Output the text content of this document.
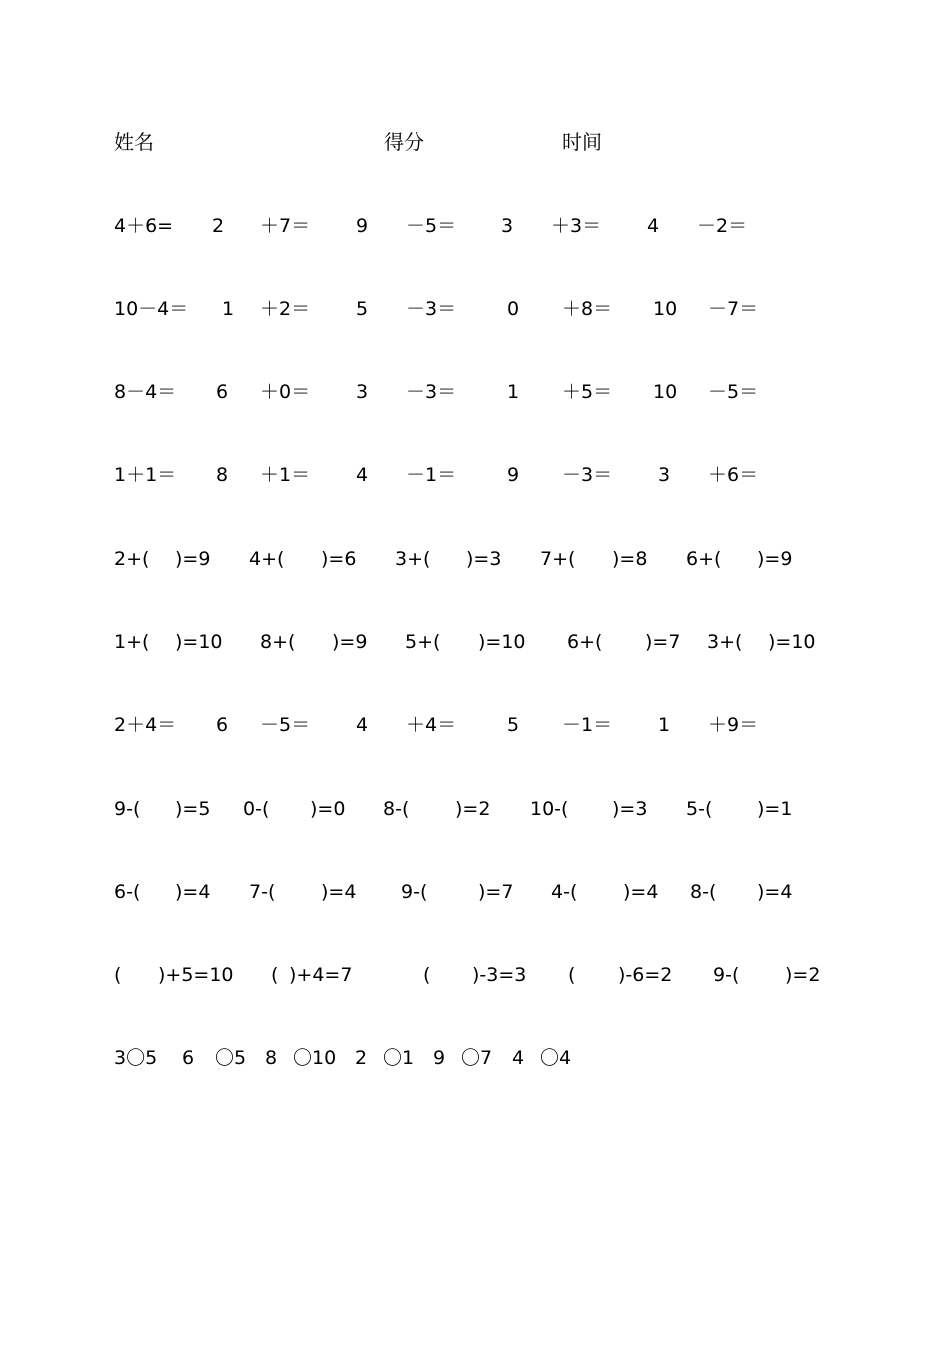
姓名	得分	时间
4＋6= 2 ＋7＝ 9 －5＝ 3 ＋3＝ 4 －2＝
10－4＝ 1 ＋2＝ 5 －3＝	0 ＋8＝ 10 －7＝
8－4＝ 6 ＋0＝ 3 －3＝	1 ＋5＝ 10 －5＝
1＋1＝ 8 ＋1＝ 4 －1＝	9 －3＝ 3 ＋6＝
2+( )=9 4+( )=6 3+( )=3 7+( )=8 6+( )=9
1+( )=10 8+( )=9 5+( )=10 6+( )=7 3+( )=10
2＋4＝ 6 －5＝ 4 ＋4＝	5 －1＝ 1 ＋9＝
9-( )=5 0-( )=0 8-( )=2 10-( )=3 5-( )=1
6-( )=4 7-( )=4 9-(	)=7 4-( )=4 8-( )=4
( )+5=10 ( )+4=7	( )-3=3 ( )-6=2 9-( )=2
3〇5 6 〇5 8 〇10 2 〇1 9 〇7 4 〇4
